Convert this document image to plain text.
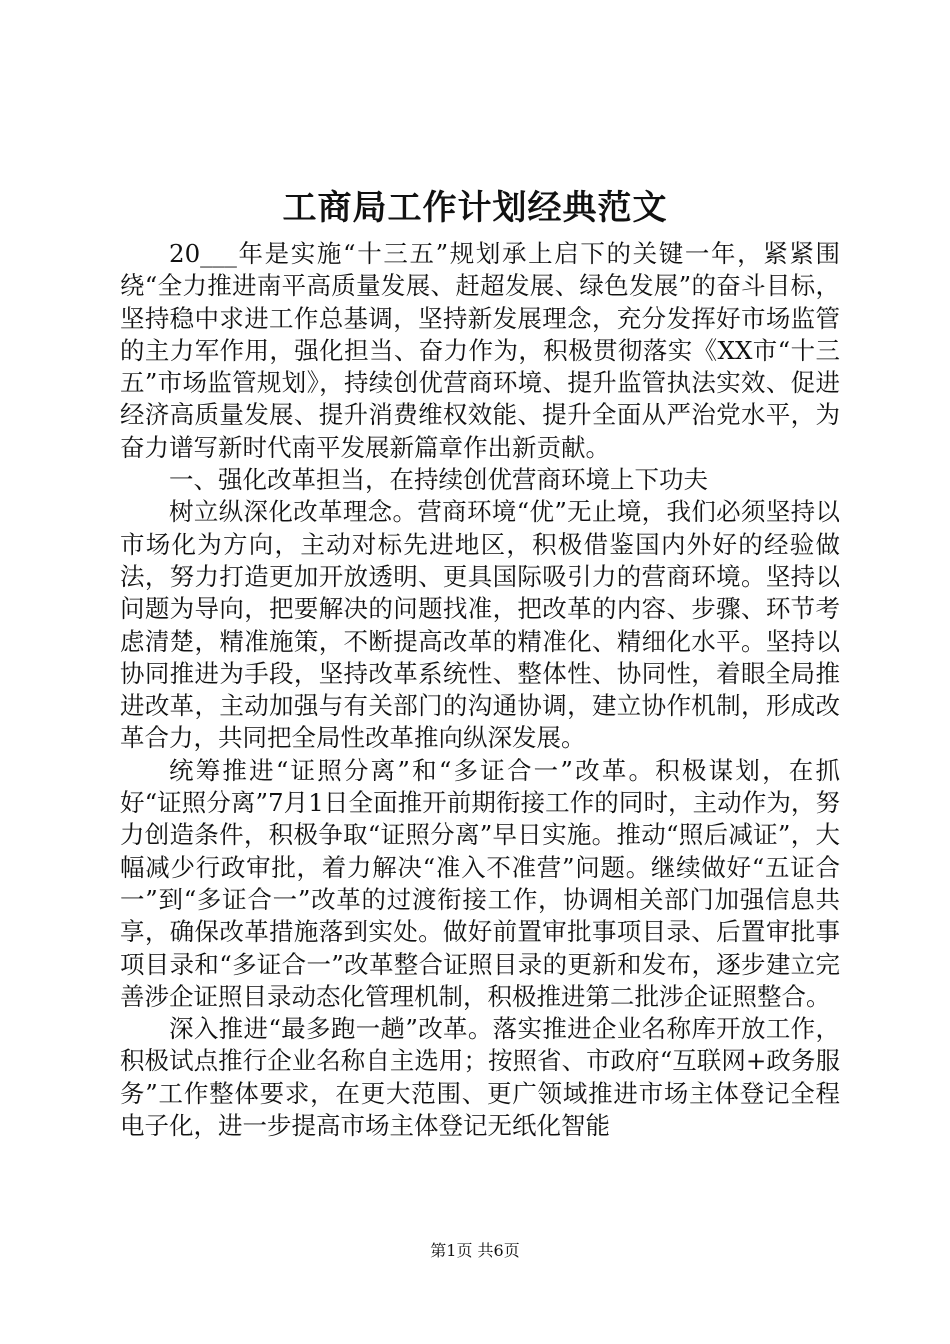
工商局工作计划经典范文

20___年是实施“十三五”规划承上启下的关键一年，紧紧围绕“全力推进南平高质量发展、赶超发展、绿色发展”的奋斗目标，坚持稳中求进工作总基调，坚持新发展理念，充分发挥好市场监管的主力军作用，强化担当、奋力作为，积极贯彻落实《XX市“十三五”市场监管规划》，持续创优营商环境、提升监管执法实效、促进经济高质量发展、提升消费维权效能、提升全面从严治党水平，为奋力谱写新时代南平发展新篇章作出新贡献。

一、强化改革担当，在持续创优营商环境上下功夫

树立纵深化改革理念。营商环境“优”无止境，我们必须坚持以市场化为方向，主动对标先进地区，积极借鉴国内外好的经验做法，努力打造更加开放透明、更具国际吸引力的营商环境。坚持以问题为导向，把要解决的问题找准，把改革的内容、步骤、环节考虑清楚，精准施策，不断提高改革的精准化、精细化水平。坚持以协同推进为手段，坚持改革系统性、整体性、协同性，着眼全局推进改革，主动加强与有关部门的沟通协调，建立协作机制，形成改革合力，共同把全局性改革推向纵深发展。

统筹推进“证照分离”和“多证合一”改革。积极谋划，在抓好“证照分离”7月1日全面推开前期衔接工作的同时，主动作为，努力创造条件，积极争取“证照分离”早日实施。推动“照后减证”，大幅减少行政审批，着力解决“准入不准营”问题。继续做好“五证合一”到“多证合一”改革的过渡衔接工作，协调相关部门加强信息共享，确保改革措施落到实处。做好前置审批事项目录、后置审批事项目录和“多证合一”改革整合证照目录的更新和发布，逐步建立完善涉企证照目录动态化管理机制，积极推进第二批涉企证照整合。

深入推进“最多跑一趟”改革。落实推进企业名称库开放工作，积极试点推行企业名称自主选用；按照省、市政府“互联网+政务服务”工作整体要求，在更大范围、更广领域推进市场主体登记全程电子化，进一步提高市场主体登记无纸化智能

第1页 共6页
